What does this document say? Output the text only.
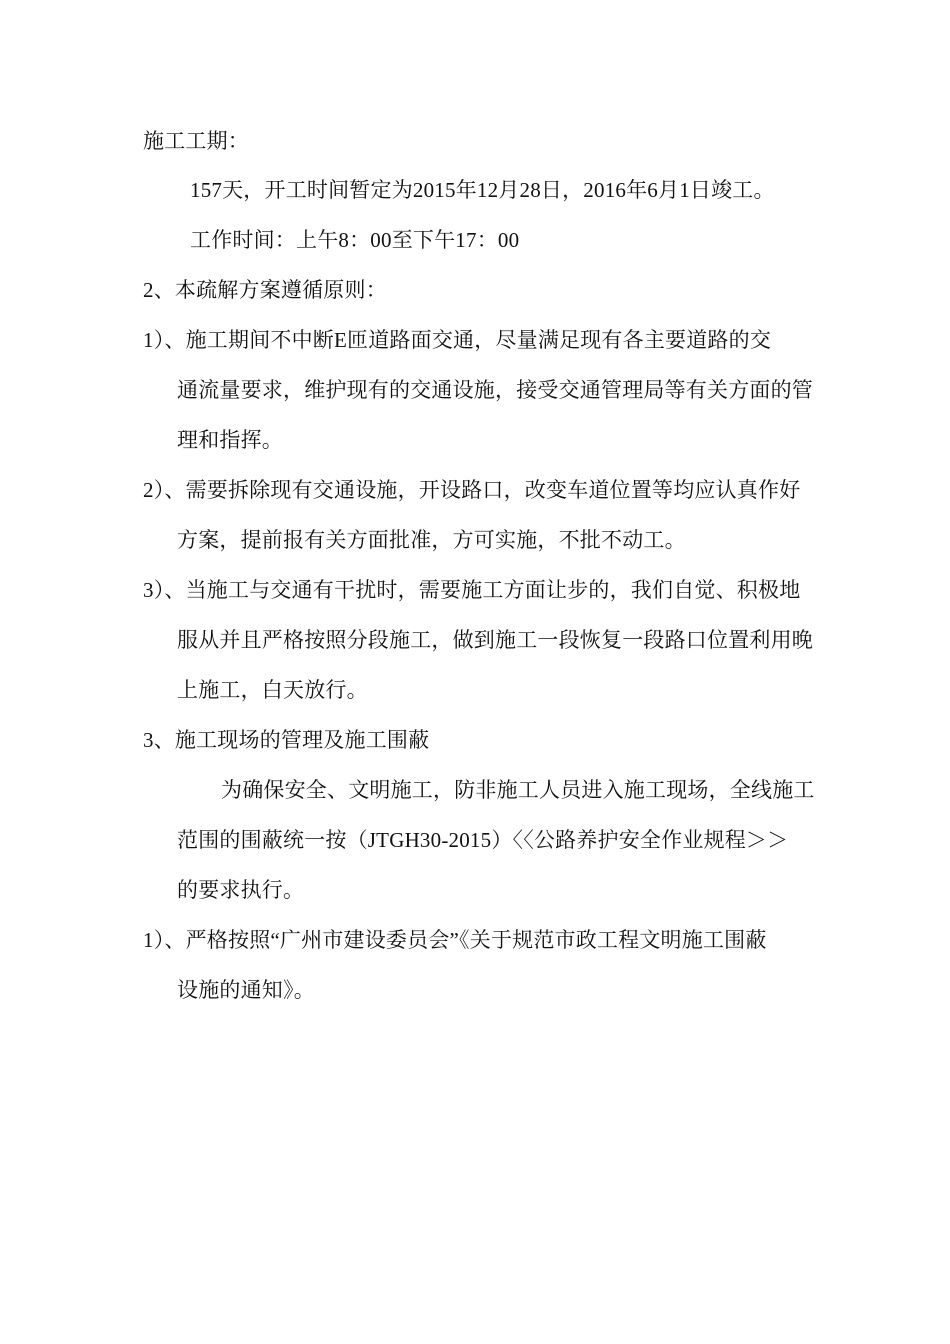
施工工期：
157天，开工时间暂定为2015年12月28日，2016年6月1日竣工。
工作时间：上午8：00至下午17：00
2、本疏解方案遵循原则：
1）、施工期间不中断E匝道路面交通，尽量满足现有各主要道路的交
通流量要求，维护现有的交通设施，接受交通管理局等有关方面的管
理和指挥。
2）、需要拆除现有交通设施，开设路口，改变车道位置等均应认真作好
方案，提前报有关方面批准，方可实施，不批不动工。
3）、当施工与交通有干扰时，需要施工方面让步的，我们自觉、积极地
服从并且严格按照分段施工，做到施工一段恢复一段路口位置利用晚
上施工，白天放行。
3、施工现场的管理及施工围蔽
为确保安全、文明施工，防非施工人员进入施工现场，全线施工
范围的围蔽统一按（JTGH30-2015）〈〈公路养护安全作业规程＞＞
的要求执行。
1）、严格按照“广州市建设委员会”《关于规范市政工程文明施工围蔽
设施的通知》。
